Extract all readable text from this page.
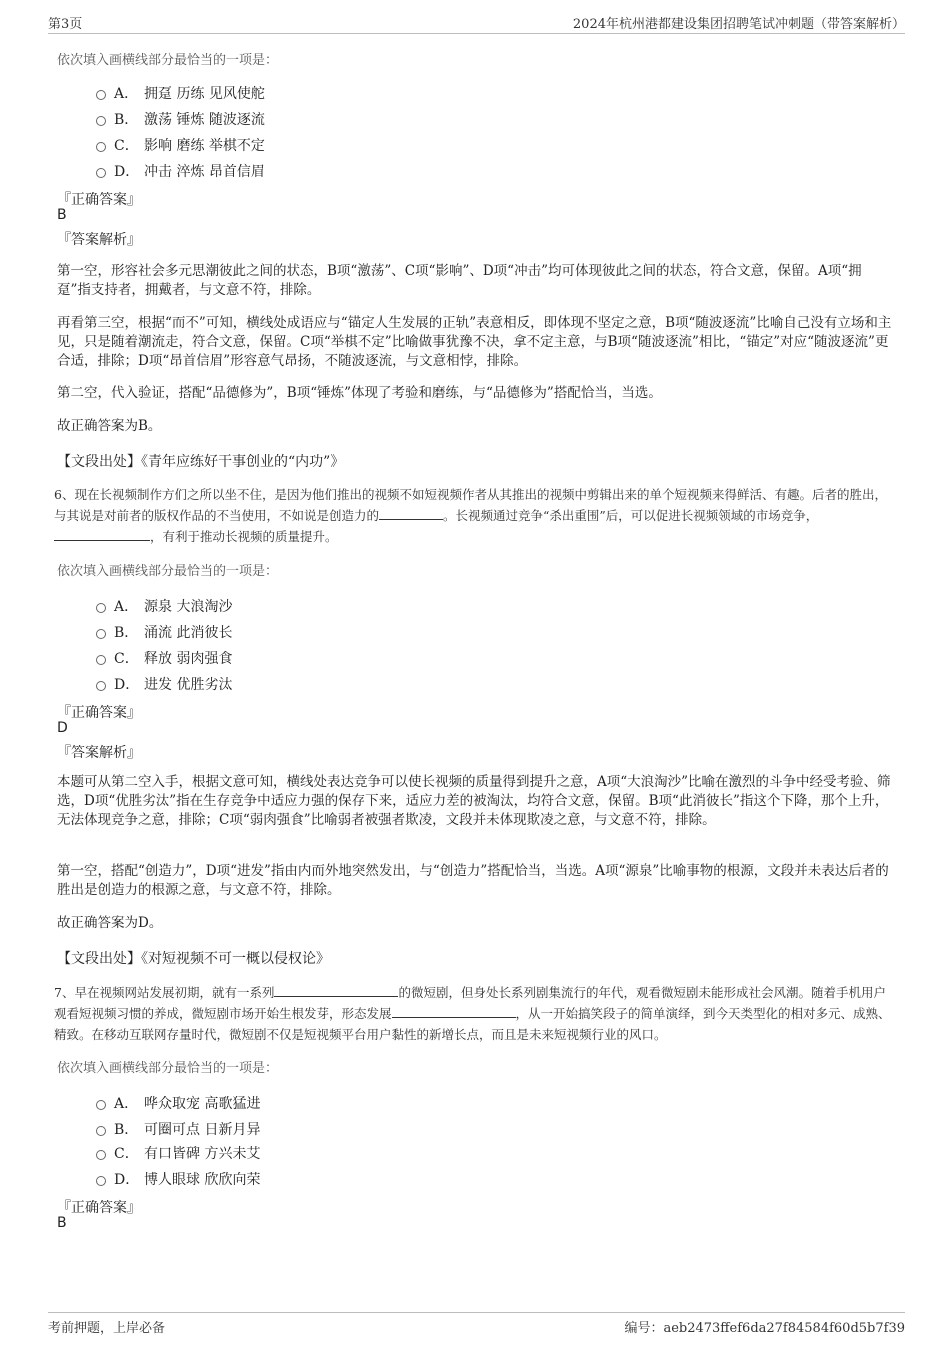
第3页	2024年杭州港都建设集团招聘笔试冲刺题（带答案解析）
依次填入画横线部分最恰当的一项是：
A． 拥趸 历练 见风使舵
B． 激荡 锤炼 随波逐流
C． 影响 磨练 举棋不定
D． 冲击 淬炼 昂首信眉
『正确答案』
B
『答案解析』
第一空，形容社会多元思潮彼此之间的状态，B项“激荡”、C项“影响”、D项“冲击”均可体现彼此之间的状态，符合文意，保留。A项“拥趸”指支持者，拥戴者，与文意不符，排除。
再看第三空，根据“而不”可知，横线处成语应与“锚定人生发展的正轨”表意相反，即体现不坚定之意，B项“随波逐流”比喻自己没有立场和主见，只是随着潮流走，符合文意，保留。C项“举棋不定”比喻做事犹豫不决，拿不定主意，与B项“随波逐流”相比，“锚定”对应“随波逐流”更合适，排除；D项“昂首信眉”形容意气昂扬，不随波逐流，与文意相悖，排除。
第二空，代入验证，搭配“品德修为”，B项“锤炼”体现了考验和磨练，与“品德修为”搭配恰当，当选。
故正确答案为B。
【文段出处】《青年应练好干事创业的“内功”》
6、现在长视频制作方们之所以坐不住，是因为他们推出的视频不如短视频作者从其推出的视频中剪辑出来的单个短视频来得鲜活、有趣。后者的胜出，与其说是对前者的版权作品的不当使用，不如说是创造力的	。长视频通过竞争“杀出重围”后，可以促进长视频领域的市场竞争，，有利于推动长视频的质量提升。
依次填入画横线部分最恰当的一项是：
A． 源泉 大浪淘沙
B． 涌流 此消彼长
C． 释放 弱肉强食
D． 进发 优胜劣汰
『正确答案』
D
『答案解析』
本题可从第二空入手，根据文意可知，横线处表达竞争可以使长视频的质量得到提升之意，A项“大浪淘沙”比喻在激烈的斗争中经受考验、筛选，D项“优胜劣汰”指在生存竞争中适应力强的保存下来，适应力差的被淘汰，均符合文意，保留。B项“此消彼长”指这个下降，那个上升，无法体现竞争之意，排除；C项“弱肉强食”比喻弱者被强者欺凌，文段并未体现欺凌之意，与文意不符，排除。
第一空，搭配“创造力”，D项“进发”指由内而外地突然发出，与“创造力”搭配恰当，当选。A项“源泉”比喻事物的根源，文段并未表达后者的胜出是创造力的根源之意，与文意不符，排除。
故正确答案为D。
【文段出处】《对短视频不可一概以侵权论》
7、早在视频网站发展初期，就有一系列	的微短剧，但身处长系列剧集流行的年代，观看微短剧未能形成社会风潮。随着手机用户观看短视频习惯的养成，微短剧市场开始生根发芽，形态发展	，从一开始搞笑段子的简单演绎，到今天类型化的相对多元、成熟、精致。在移动互联网存量时代，微短剧不仅是短视频平台用户黏性的新增长点，而且是未来短视频行业的风口。
依次填入画横线部分最恰当的一项是：
A． 哗众取宠 高歌猛进
B． 可圈可点 日新月异
C． 有口皆碑 方兴未艾
D． 博人眼球 欣欣向荣
『正确答案』
B
考前押题，上岸必备	编号：aeb2473ffef6da27f84584f60d5b7f39
